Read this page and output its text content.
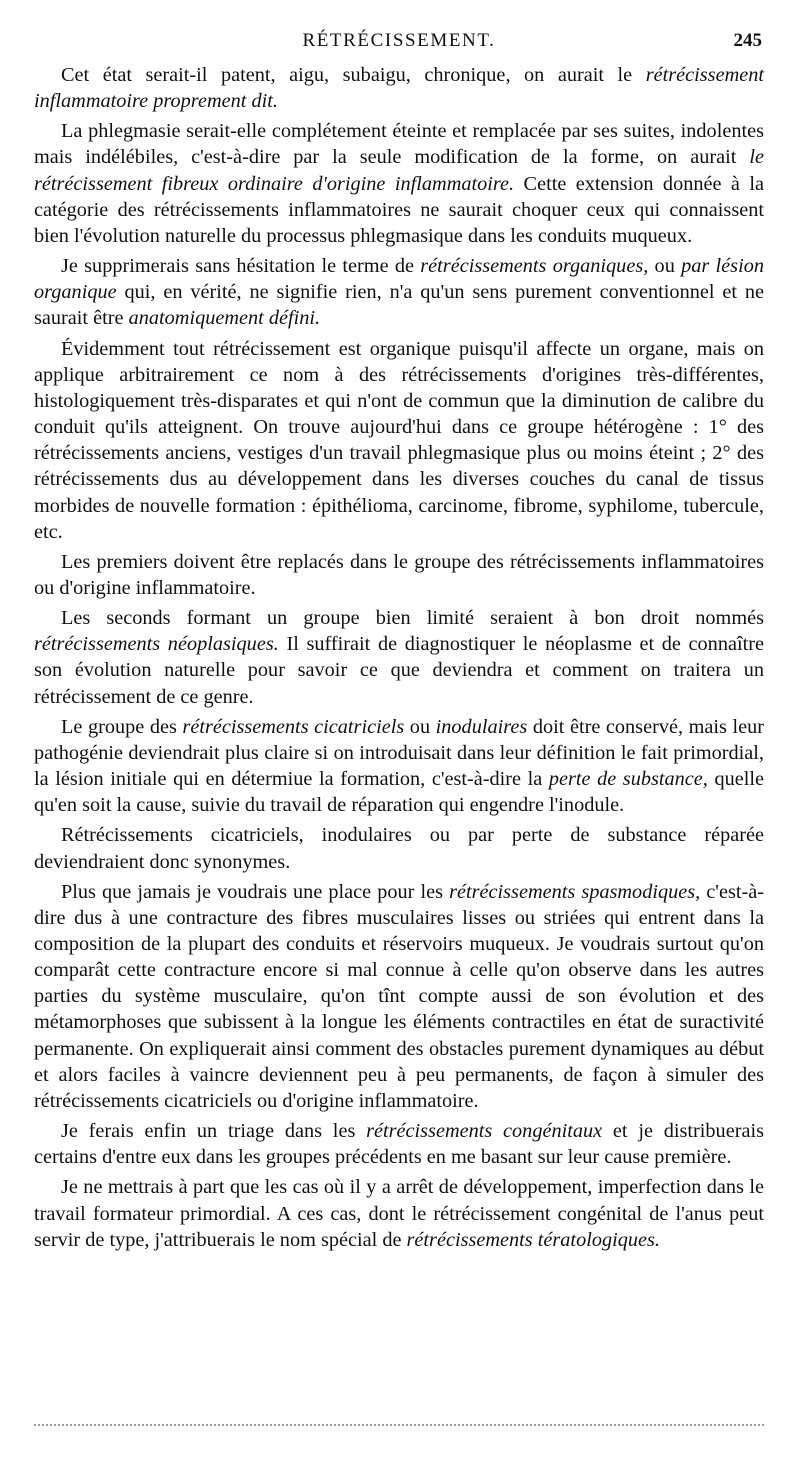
RÉTRÉCISSEMENT.	245

Cet état serait-il patent, aigu, subaigu, chronique, on aurait le rétrécissement inflammatoire proprement dit.

La phlegmasie serait-elle complétement éteinte et remplacée par ses suites, indolentes mais indélébiles, c'est-à-dire par la seule modification de la forme, on aurait le rétrécissement fibreux ordinaire d'origine inflammatoire. Cette extension donnée à la catégorie des rétrécissements inflammatoires ne saurait choquer ceux qui connaissent bien l'évolution naturelle du processus phlegmasique dans les conduits muqueux.

Je supprimerais sans hésitation le terme de rétrécissements organiques, ou par lésion organique qui, en vérité, ne signifie rien, n'a qu'un sens purement conventionnel et ne saurait être anatomiquement défini.

Évidemment tout rétrécissement est organique puisqu'il affecte un organe, mais on applique arbitrairement ce nom à des rétrécissements d'origines très-différentes, histologiquement très-disparates et qui n'ont de commun que la diminution de calibre du conduit qu'ils atteignent. On trouve aujourd'hui dans ce groupe hétérogène : 1° des rétrécissements anciens, vestiges d'un travail phlegmasique plus ou moins éteint ; 2° des rétrécissements dus au développement dans les diverses couches du canal de tissus morbides de nouvelle formation : épithélioma, carcinome, fibrome, syphilome, tubercule, etc.

Les premiers doivent être replacés dans le groupe des rétrécissements inflammatoires ou d'origine inflammatoire.

Les seconds formant un groupe bien limité seraient à bon droit nommés rétrécissements néoplasiques. Il suffirait de diagnostiquer le néoplasme et de connaître son évolution naturelle pour savoir ce que deviendra et comment on traitera un rétrécissement de ce genre.

Le groupe des rétrécissements cicatriciels ou inodulaires doit être conservé, mais leur pathogénie deviendrait plus claire si on introduisait dans leur définition le fait primordial, la lésion initiale qui en détermiue la formation, c'est-à-dire la perte de substance, quelle qu'en soit la cause, suivie du travail de réparation qui engendre l'inodule.

Rétrécissements cicatriciels, inodulaires ou par perte de substance réparée deviendraient donc synonymes.

Plus que jamais je voudrais une place pour les rétrécissements spasmodiques, c'est-à-dire dus à une contracture des fibres musculaires lisses ou striées qui entrent dans la composition de la plupart des conduits et réservoirs muqueux. Je voudrais surtout qu'on comparât cette contracture encore si mal connue à celle qu'on observe dans les autres parties du système musculaire, qu'on tînt compte aussi de son évolution et des métamorphoses que subissent à la longue les éléments contractiles en état de suractivité permanente. On expliquerait ainsi comment des obstacles purement dynamiques au début et alors faciles à vaincre deviennent peu à peu permanents, de façon à simuler des rétrécissements cicatriciels ou d'origine inflammatoire.

Je ferais enfin un triage dans les rétrécissements congénitaux et je distribuerais certains d'entre eux dans les groupes précédents en me basant sur leur cause première.

Je ne mettrais à part que les cas où il y a arrêt de développement, imperfection dans le travail formateur primordial. A ces cas, dont le rétrécissement congénital de l'anus peut servir de type, j'attribuerais le nom spécial de rétrécissements tératologiques.
